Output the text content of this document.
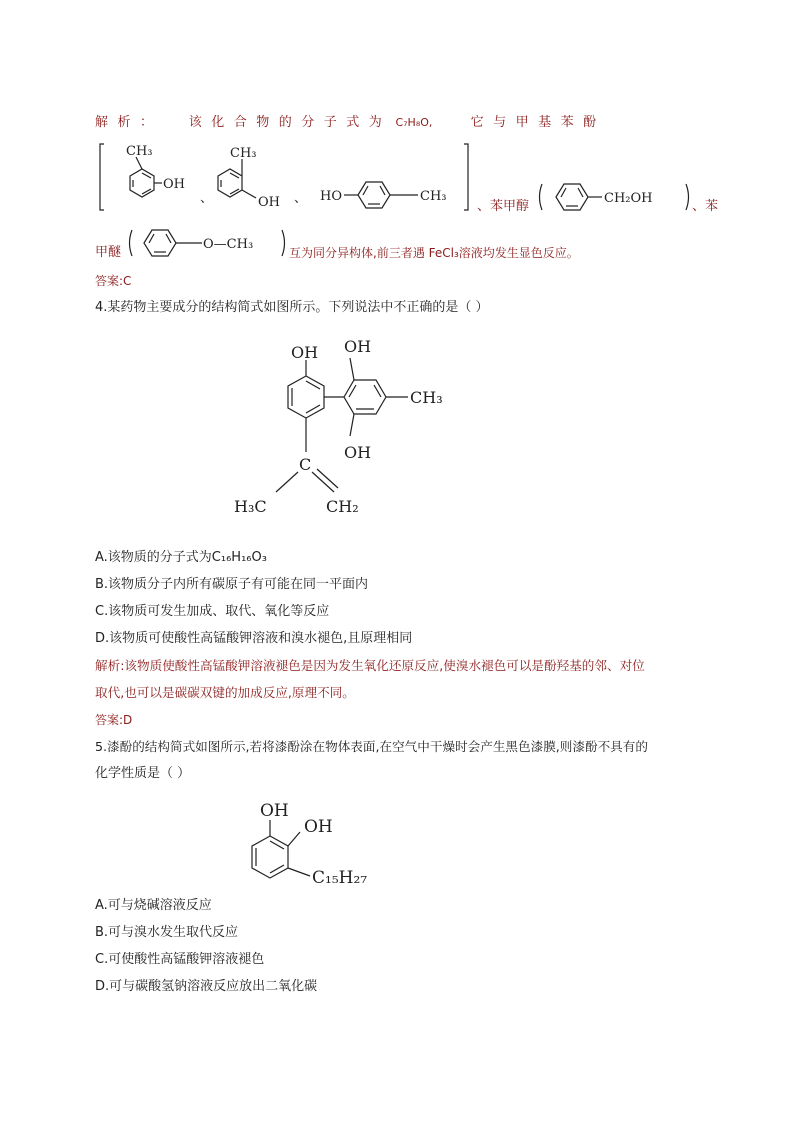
解析： 该化合物的分子式为 C₇H₈O,	它与甲基苯酚
CH₃
OH
、
CH₃
OH 、 HO	CH₃
、苯甲醇
CH₂OH
、苯
甲醚
O—CH₃
互为同分异构体,前三者遇 FeCl₃溶液均发生显色反应。
答案:C
4.某药物主要成分的结构简式如图所示。下列说法中不正确的是（ ）
OH OH
CH₃
OH
C
H₃C	CH₂
A.该物质的分子式为C₁₆H₁₆O₃
B.该物质分子内所有碳原子有可能在同一平面内
C.该物质可发生加成、取代、氧化等反应
D.该物质可使酸性高锰酸钾溶液和溴水褪色,且原理相同
解析:该物质使酸性高锰酸钾溶液褪色是因为发生氧化还原反应,使溴水褪色可以是酚羟基的邻、对位
取代,也可以是碳碳双键的加成反应,原理不同。
答案:D
5.漆酚的结构简式如图所示,若将漆酚涂在物体表面,在空气中干燥时会产生黑色漆膜,则漆酚不具有的
化学性质是（ ）
OH
OH
C₁₅H₂₇
A.可与烧碱溶液反应
B.可与溴水发生取代反应
C.可使酸性高锰酸钾溶液褪色
D.可与碳酸氢钠溶液反应放出二氧化碳
